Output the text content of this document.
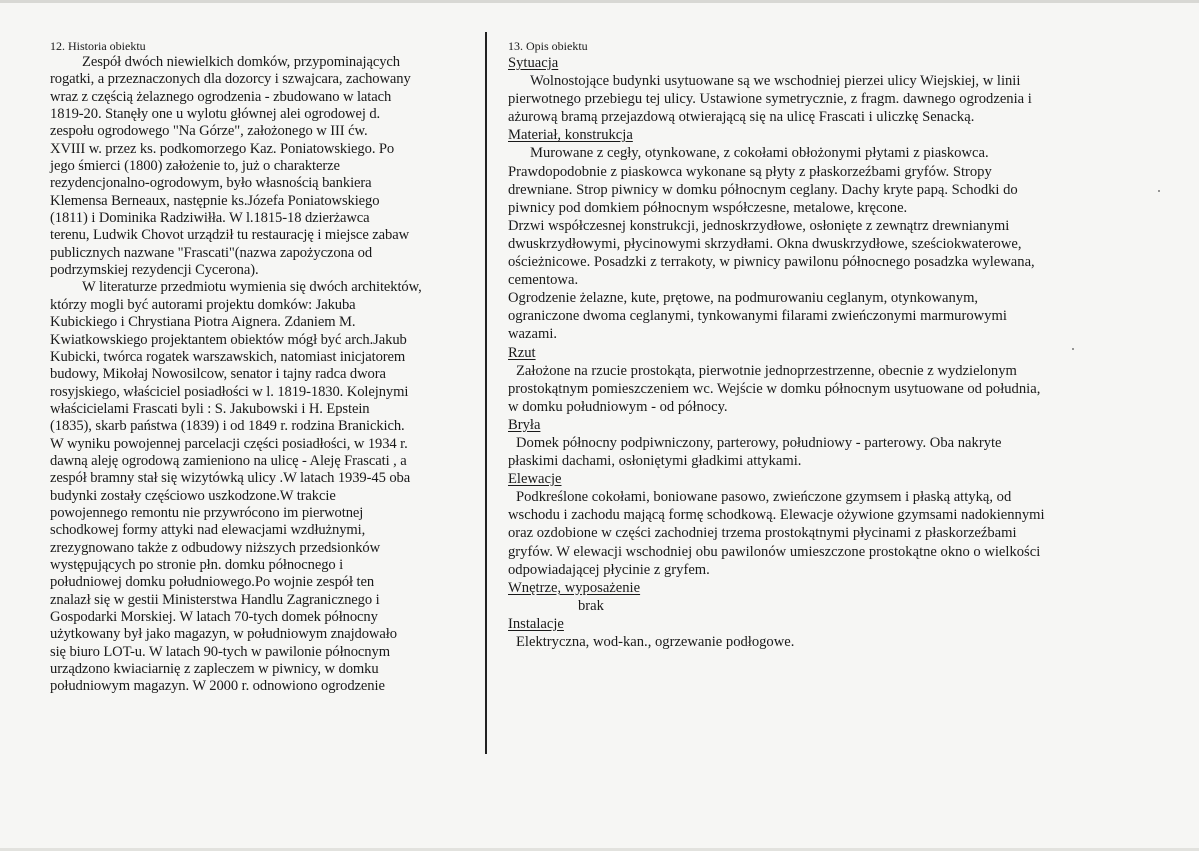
12. Historia obiektu
Zespół dwóch niewielkich domków, przypominających
rogatki, a przeznaczonych dla dozorcy i szwajcara, zachowany
wraz z częścią żelaznego ogrodzenia - zbudowano w latach
1819-20. Stanęły one u wylotu głównej alei ogrodowej d.
zespołu ogrodowego "Na Górze", założonego w III ćw.
XVIII w. przez ks. podkomorzego Kaz. Poniatowskiego. Po
jego śmierci (1800) założenie to, już o charakterze
rezydencjonalno-ogrodowym, było własnością bankiera
Klemensa Berneaux, następnie ks.Józefa Poniatowskiego
(1811) i Dominika Radziwiłła. W l.1815-18 dzierżawca
terenu, Ludwik Chovot urządził tu restaurację i miejsce zabaw
publicznych nazwane "Frascati"(nazwa zapożyczona od
podrzymskiej rezydencji Cycerona).
W literaturze przedmiotu wymienia się dwóch architektów,
którzy mogli być autorami projektu domków: Jakuba
Kubickiego i Chrystiana Piotra Aignera. Zdaniem M.
Kwiatkowskiego projektantem obiektów mógł być arch.Jakub
Kubicki, twórca rogatek warszawskich, natomiast inicjatorem
budowy, Mikołaj Nowosilcow, senator i tajny radca dwora
rosyjskiego, właściciel posiadłości w l. 1819-1830. Kolejnymi
właścicielami Frascati byli : S. Jakubowski i H. Epstein
(1835), skarb państwa (1839) i od 1849 r. rodzina Branickich.
W wyniku powojennej parcelacji części posiadłości, w 1934 r.
dawną aleję ogrodową zamieniono na ulicę - Aleję Frascati , a
zespół bramny stał się wizytówką ulicy .W latach 1939-45 oba
budynki zostały częściowo uszkodzone.W trakcie
powojennego remontu nie przywrócono im pierwotnej
schodkowej formy attyki nad elewacjami wzdłużnymi,
zrezygnowano także z odbudowy niższych przedsionków
występujących po stronie płn. domku północnego i
południowej domku południowego.Po wojnie zespół ten
znalazł się w gestii Ministerstwa Handlu Zagranicznego i
Gospodarki Morskiej. W latach 70-tych domek północny
użytkowany był jako magazyn, w południowym znajdowało
się biuro LOT-u. W latach 90-tych w pawilonie północnym
urządzono kwiaciarnię z zapleczem w piwnicy, w domku
południowym magazyn. W 2000 r. odnowiono ogrodzenie
13. Opis obiektu
Sytuacja
Wolnostojące budynki usytuowane są we wschodniej pierzei ulicy Wiejskiej, w linii
pierwotnego przebiegu tej ulicy. Ustawione symetrycznie, z fragm. dawnego ogrodzenia i
ażurową bramą przejazdową otwierającą się na ulicę Frascati i uliczkę Senacką.
Materiał, konstrukcja
Murowane z cegły, otynkowane, z cokołami obłożonymi płytami z piaskowca.
Prawdopodobnie z piaskowca wykonane są płyty z płaskorzeźbami gryfów. Stropy
drewniane. Strop piwnicy w domku północnym ceglany. Dachy kryte papą. Schodki do
piwnicy pod domkiem północnym współczesne, metalowe, kręcone.
Drzwi współczesnej konstrukcji, jednoskrzydłowe, osłonięte z zewnątrz drewnianymi
dwuskrzydłowymi, płycinowymi skrzydłami. Okna dwuskrzydłowe, sześciokwaterowe,
ościeżnicowe. Posadzki z terrakoty, w piwnicy pawilonu północnego posadzka wylewana,
cementowa.
Ogrodzenie żelazne, kute, prętowe, na podmurowaniu ceglanym, otynkowanym,
ograniczone dwoma ceglanymi, tynkowanymi filarami zwieńczonymi marmurowymi
wazami.
Rzut
Założone na rzucie prostokąta, pierwotnie jednoprzestrzenne, obecnie z wydzielonym
prostokątnym pomieszczeniem wc. Wejście w domku północnym usytuowane od południa,
w domku południowym - od północy.
Bryła
Domek północny podpiwniczony, parterowy, południowy - parterowy. Oba nakryte
płaskimi dachami, osłoniętymi gładkimi attykami.
Elewacje
Podkreślone cokołami, boniowane pasowo, zwieńczone gzymsem i płaską attyką, od
wschodu i zachodu mającą formę schodkową. Elewacje ożywione gzymsami nadokiennymi
oraz ozdobione w części zachodniej trzema prostokątnymi płycinami z płaskorzeźbami
gryfów. W elewacji wschodniej obu pawilonów umieszczone prostokątne okno o wielkości
odpowiadającej płycinie z gryfem.
Wnętrze, wyposażenie
brak
Instalacje
Elektryczna, wod-kan., ogrzewanie podłogowe.
